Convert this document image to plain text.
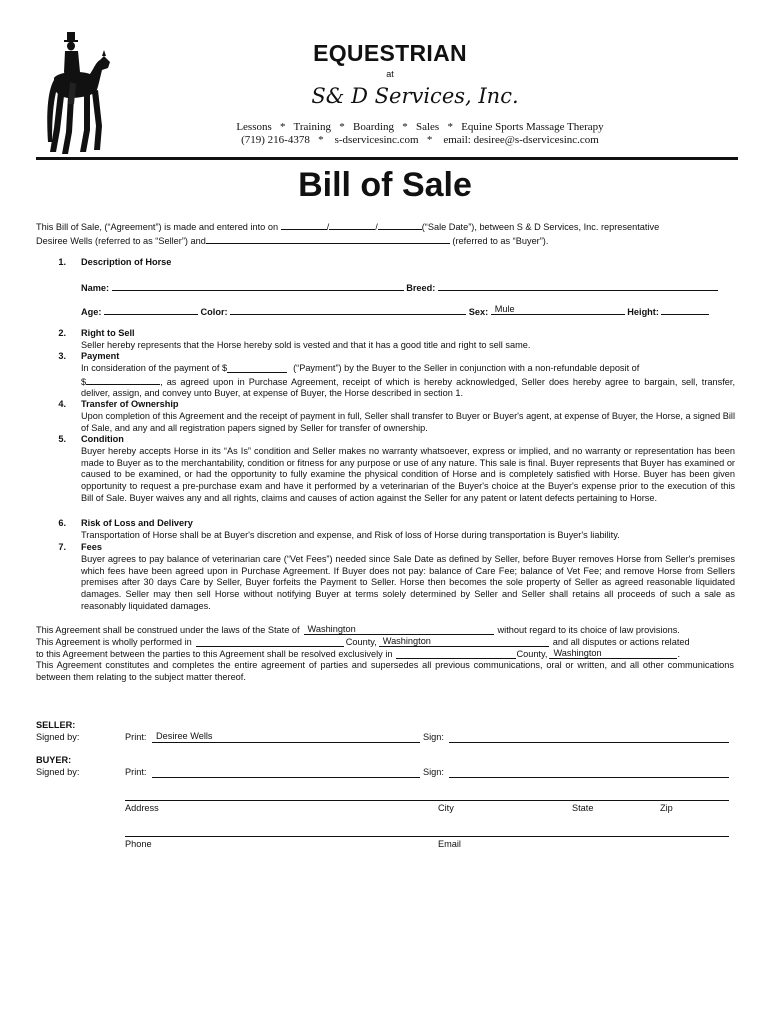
EQUESTRIAN
at
S& D Services, Inc.
Lessons   *   Training   *   Boarding   *   Sales   *   Equine Sports Massage Therapy
(719) 216-4378   *    s-dservicesinc.com   *    email: desiree@s-dservicesinc.com
Bill of Sale
This Bill of Sale, (“Agreement”) is made and entered into on	/	/	(“Sale Date”), between S & D Services, Inc. representative
Desiree Wells (referred to as “Seller”) and	(referred to as “Buyer”).
1. Description of Horse
Name:	Breed:
Age:	Color:	Sex: Mule	Height:
2. Right to Sell
Seller hereby represents that the Horse hereby sold is vested and that it has a good title and right to sell same.
3. Payment
In consideration of the payment of $	(“Payment”) by the Buyer to the Seller in conjunction with a non-refundable deposit of
$	, as agreed upon in Purchase Agreement, receipt of which is hereby acknowledged, Seller does hereby agree to bargain, sell, transfer, deliver, assign, and convey unto Buyer, at expense of Buyer, the Horse described in section 1.
4. Transfer of Ownership
Upon completion of this Agreement and the receipt of payment in full, Seller shall transfer to Buyer or Buyer's agent, at expense of Buyer, the Horse, a signed Bill of Sale, and any and all registration papers signed by Seller for transfer of ownership.
5. Condition
Buyer hereby accepts Horse in its “As Is” condition and Seller makes no warranty whatsoever, express or implied, and no warranty or representation has been made to Buyer as to the merchantability, condition or fitness for any purpose or use of any nature. This sale is final. Buyer represents that Buyer has examined or caused to be examined, or had the opportunity to fully examine the physical condition of Horse and is completely satisfied with Horse. Buyer has been given opportunity to request a pre-purchase exam and have it performed by a veterinarian of the Buyer's choice at the Buyer's expense prior to the execution of this Bill of Sale. Buyer waives any and all rights, claims and causes of action against the Seller for any patent or latent defects pertaining to Horse.
6. Risk of Loss and Delivery
Transportation of Horse shall be at Buyer's discretion and expense, and Risk of loss of Horse during transportation is Buyer's liability.
7. Fees
Buyer agrees to pay balance of veterinarian care (“Vet Fees”) needed since Sale Date as defined by Seller, before Buyer removes Horse from Seller's premises which fees have been agreed upon in Purchase Agreement. If Buyer does not pay: balance of Care Fee; balance of Vet Fee; and remove Horse from Sellers premises after 30 days Care by Seller, Buyer forfeits the Payment to Seller. Horse then becomes the sole property of Seller as agreed reasonable liquidated damages. Seller may then sell Horse without notifying Buyer at terms solely determined by Seller and Seller shall retains all proceeds of such a sale as reasonably liquidated damages.
This Agreement shall be construed under the laws of the State of Washington	without regard to its choice of law provisions.
This Agreement is wholly performed in	County, Washington	and all disputes or actions related
to this Agreement between the parties to this Agreement shall be resolved exclusively in	County, Washington	.
This Agreement constitutes and completes the entire agreement of parties and supersedes all previous communications, oral or written, and all other communications between them relating to the subject matter thereof.
SELLER:
Signed by:	Print: Desiree Wells	Sign:
BUYER:
Signed by:	Print:	Sign:
Address	City	State	Zip
Phone	Email
